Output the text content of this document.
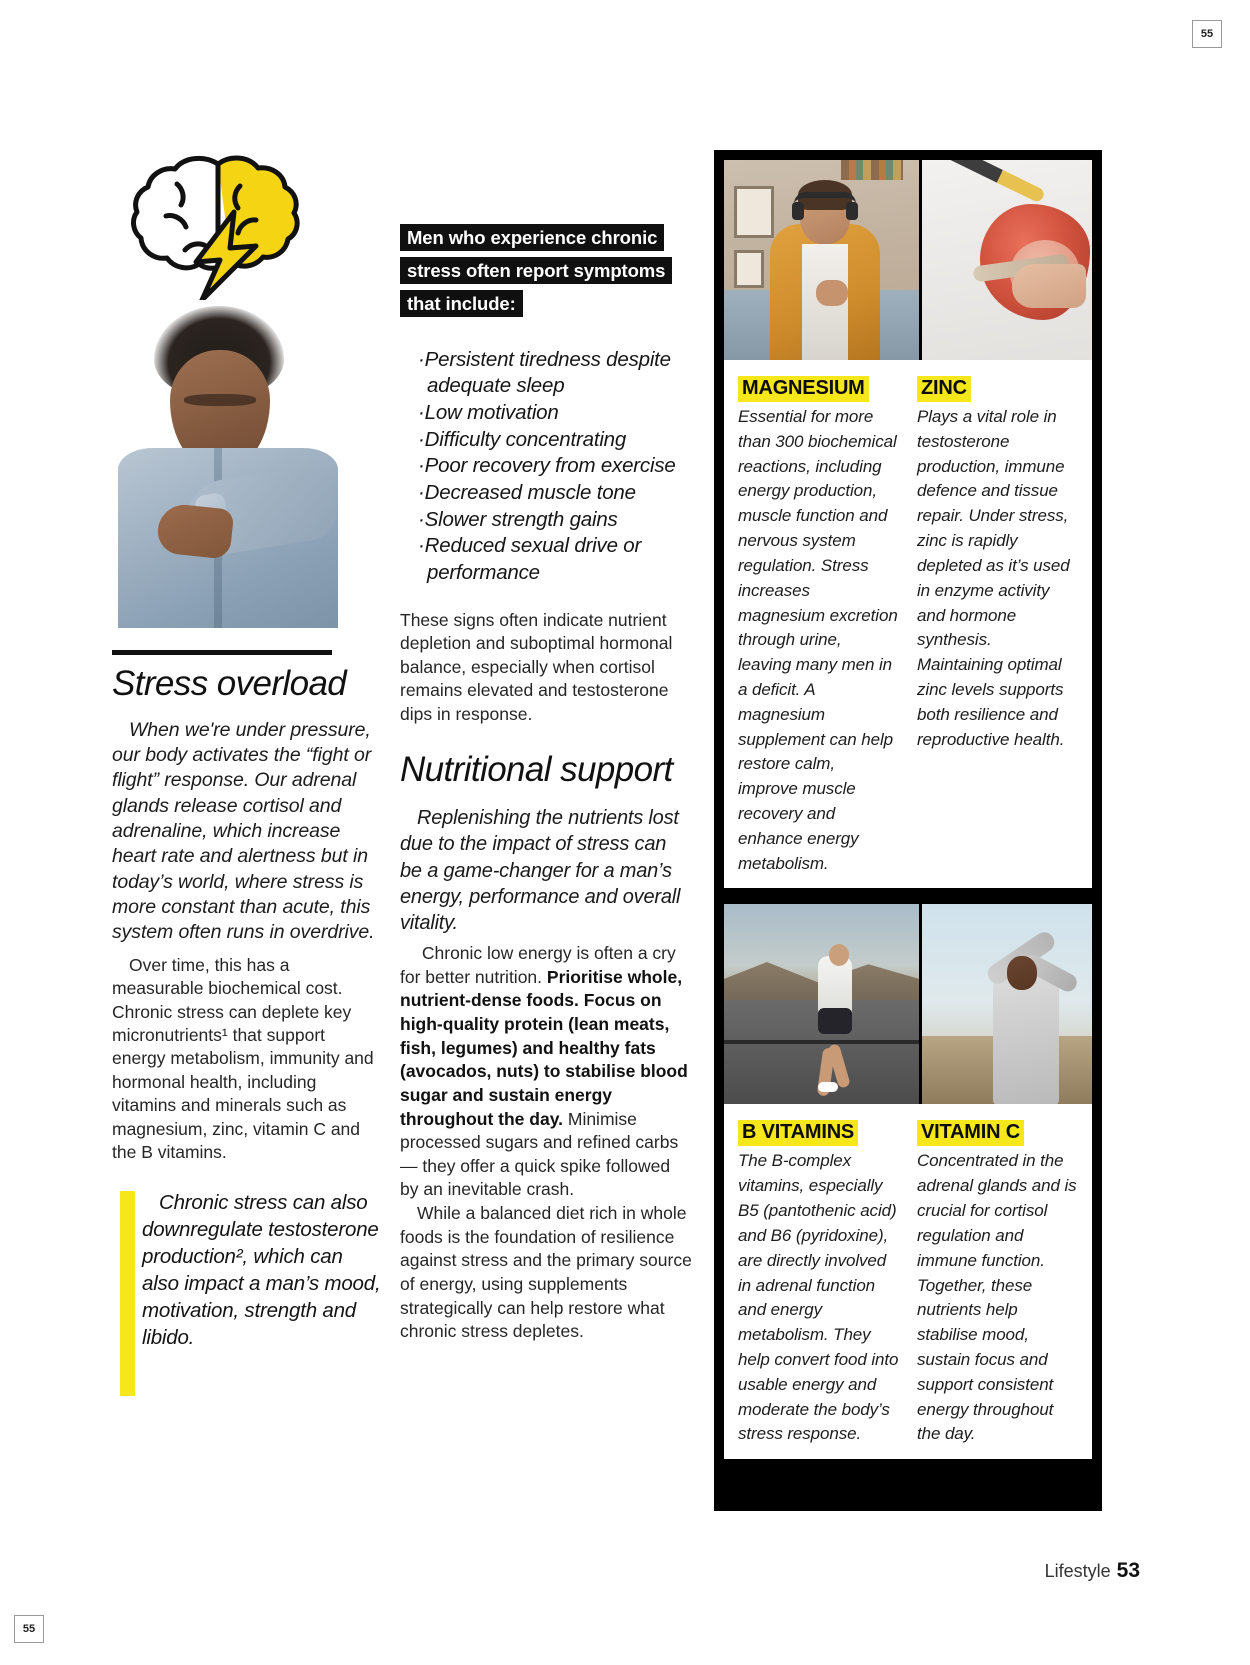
55
55
Stress overload

When we're under pressure, our body activates the “fight or flight” response. Our adrenal glands release cortisol and adrenaline, which increase heart rate and alertness but in today’s world, where stress is more constant than acute, this system often runs in overdrive.

Over time, this has a measurable biochemical cost. Chronic stress can deplete key micronutrients¹ that support energy metabolism, immunity and hormonal health, including vitamins and minerals such as magnesium, zinc, vitamin C and the B vitamins.

Chronic stress can also downregulate testosterone production², which can also impact a man’s mood, motivation, strength and libido.

Men who experience chronic stress often report symptoms that include:
· Persistent tiredness despite adequate sleep
· Low motivation
· Difficulty concentrating
· Poor recovery from exercise
· Decreased muscle tone
· Slower strength gains
· Reduced sexual drive or performance

These signs often indicate nutrient depletion and suboptimal hormonal balance, especially when cortisol remains elevated and testosterone dips in response.

Nutritional support

Replenishing the nutrients lost due to the impact of stress can be a game-changer for a man’s energy, performance and overall vitality.

Chronic low energy is often a cry for better nutrition. Prioritise whole, nutrient-dense foods. Focus on high-quality protein (lean meats, fish, legumes) and healthy fats (avocados, nuts) to stabilise blood sugar and sustain energy throughout the day. Minimise processed sugars and refined carbs — they offer a quick spike followed by an inevitable crash.

While a balanced diet rich in whole foods is the foundation of resilience against stress and the primary source of energy, using supplements strategically can help restore what chronic stress depletes.

MAGNESIUM

Essential for more than 300 biochemical reactions, including energy production, muscle function and nervous system regulation. Stress increases magnesium excretion through urine, leaving many men in a deficit. A magnesium supplement can help restore calm, improve muscle recovery and enhance energy metabolism.

ZINC

Plays a vital role in testosterone production, immune defence and tissue repair. Under stress, zinc is rapidly depleted as it’s used in enzyme activity and hormone synthesis. Maintaining optimal zinc levels supports both resilience and reproductive health.

B VITAMINS

The B-complex vitamins, especially B5 (pantothenic acid) and B6 (pyridoxine), are directly involved in adrenal function and energy metabolism. They help convert food into usable energy and moderate the body’s stress response.

VITAMIN C

Concentrated in the adrenal glands and is crucial for cortisol regulation and immune function. Together, these nutrients help stabilise mood, sustain focus and support consistent energy throughout the day.

Lifestyle 53
